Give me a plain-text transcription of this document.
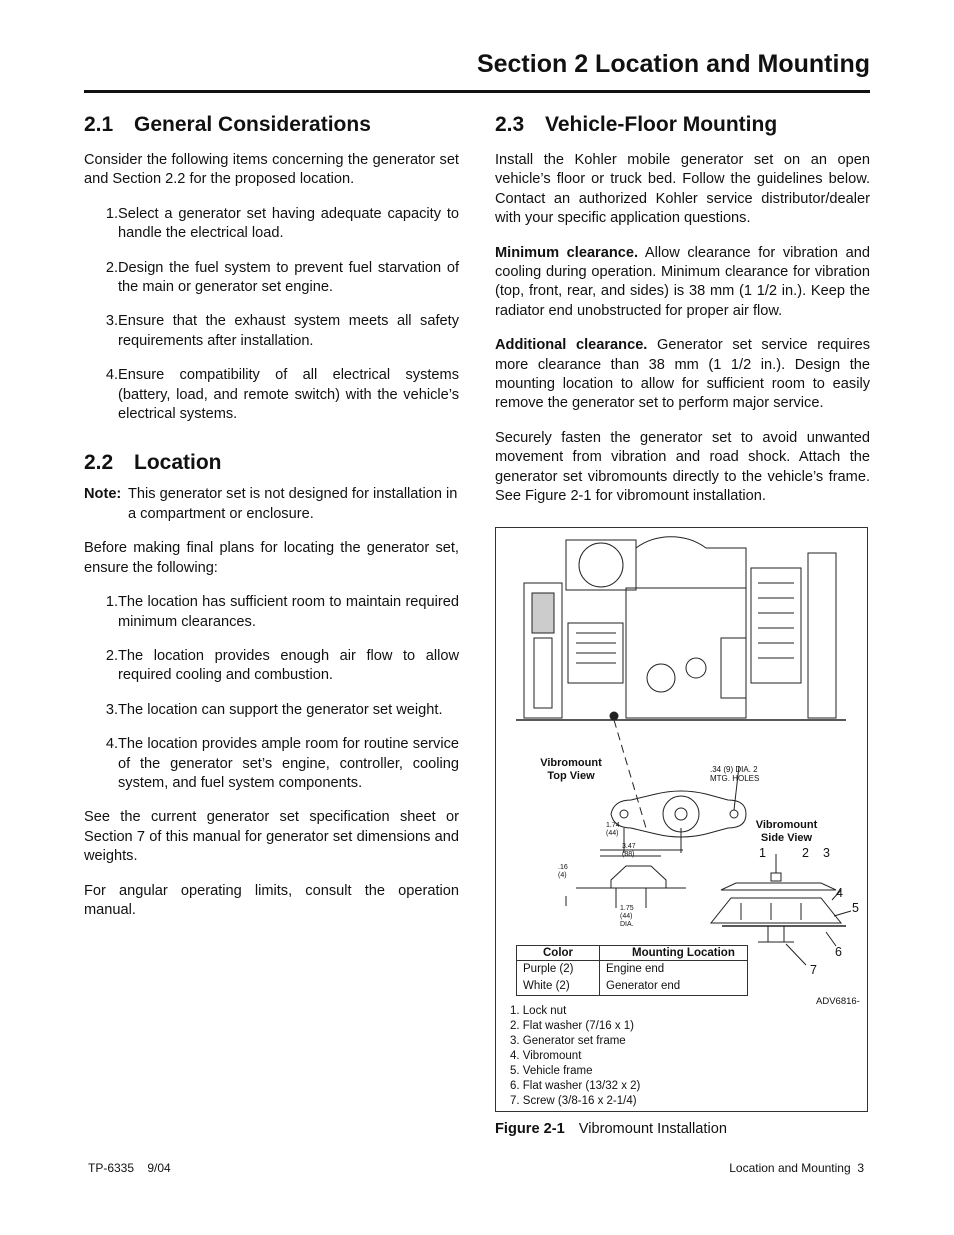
Section 2 Location and Mounting
2.1 General Considerations

Consider the following items concerning the generator set and Section 2.2 for the proposed location.

1. Select a generator set having adequate capacity to handle the electrical load.
2. Design the fuel system to prevent fuel starvation of the main or generator set engine.
3. Ensure that the exhaust system meets all safety requirements after installation.
4. Ensure compatibility of all electrical systems (battery, load, and remote switch) with the vehicle’s electrical systems.
2.2 Location
Note: This generator set is not designed for installation in a compartment or enclosure.

Before making final plans for locating the generator set, ensure the following:

1. The location has sufficient room to maintain required minimum clearances.
2. The location provides enough air flow to allow required cooling and combustion.
3. The location can support the generator set weight.
4. The location provides ample room for routine service of the generator set’s engine, controller, cooling system, and fuel system components.

See the current generator set specification sheet or Section 7 of this manual for generator set dimensions and weights.

For angular operating limits, consult the operation manual.

2.3 Vehicle-Floor Mounting

Install the Kohler mobile generator set on an open vehicle’s floor or truck bed. Follow the guidelines below. Contact an authorized Kohler service distributor/dealer with your specific application questions.

Minimum clearance. Allow clearance for vibration and cooling during operation. Minimum clearance for vibration (top, front, rear, and sides) is 38 mm (1 1/2 in.). Keep the radiator end unobstructed for proper air flow.

Additional clearance. Generator set service requires more clearance than 38 mm (1 1/2 in.). Design the mounting location to allow for sufficient room to easily remove the generator set to perform major service.

Securely fasten the generator set to avoid unwanted movement from vibration and road shock. Attach the generator set vibromounts directly to the vehicle’s frame. See Figure 2-1 for vibromount installation.

Vibromount Top View
.34 (9) DIA. 2 MTG. HOLES
1.74 (44)
3.47 (88)
.16 (4)
1.75 (44) DIA.
Vibromount Side View
1	2 3
4
5
6
7
Color	Mounting Location
Purple (2)	Engine end
White (2)	Generator end
ADV6816-
1. Lock nut
2. Flat washer (7/16 x 1)
3. Generator set frame
4. Vibromount
5. Vehicle frame
6. Flat washer (13/32 x 2)
7. Screw (3/8-16 x 2-1/4)
Figure 2-1 Vibromount Installation
TP-6335    9/04	Location and Mounting  3
